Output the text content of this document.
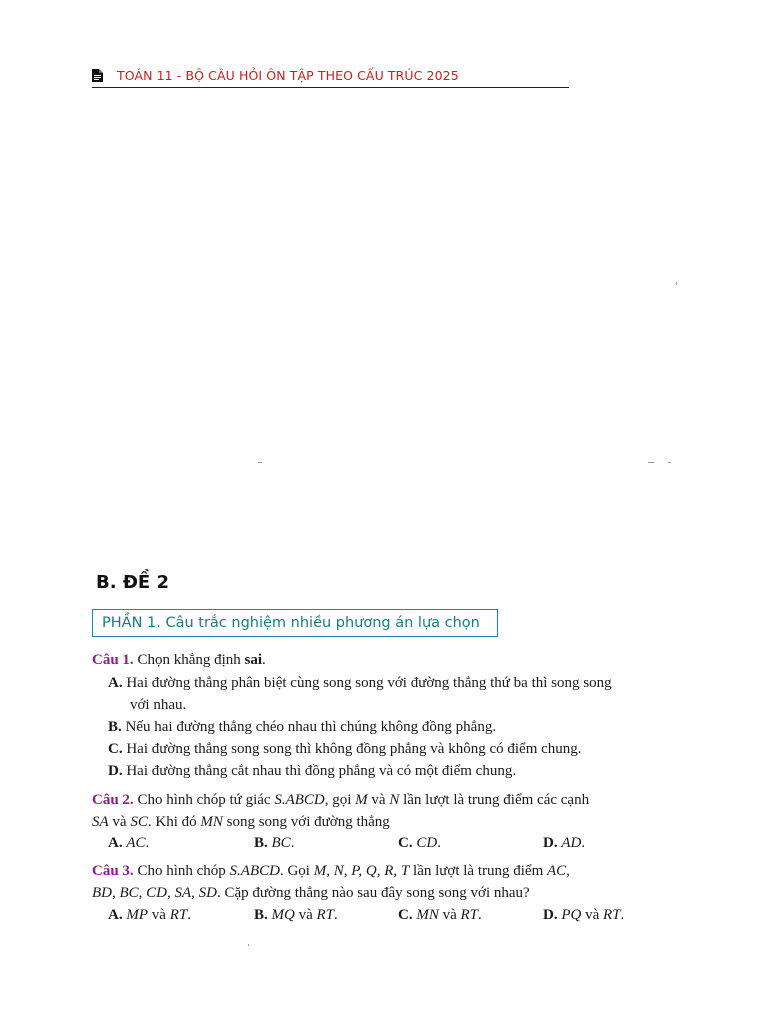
TOÁN 11 - BỘ CÂU HỎI ÔN TẬP THEO CẤU TRÚC 2025
B. ĐỀ 2
PHẦN 1. Câu trắc nghiệm nhiều phương án lựa chọn
Câu 1. Chọn khẳng định sai.
A. Hai đường thẳng phân biệt cùng song song với đường thẳng thứ ba thì song song
với nhau.
B. Nếu hai đường thẳng chéo nhau thì chúng không đồng phẳng.
C. Hai đường thẳng song song thì không đồng phẳng và không có điểm chung.
D. Hai đường thẳng cắt nhau thì đồng phẳng và có một điểm chung.
Câu 2. Cho hình chóp tứ giác S.ABCD, gọi M và N lần lượt là trung điểm các cạnh
SA và SC. Khi đó MN song song với đường thẳng
A. AC.	B. BC.	C. CD.	D. AD.
Câu 3. Cho hình chóp S.ABCD. Gọi M, N, P, Q, R, T lần lượt là trung điểm AC,
BD, BC, CD, SA, SD. Cặp đường thẳng nào sau đây song song với nhau?
A. MP và RT.	B. MQ và RT.	C. MN và RT.	D. PQ và RT.
